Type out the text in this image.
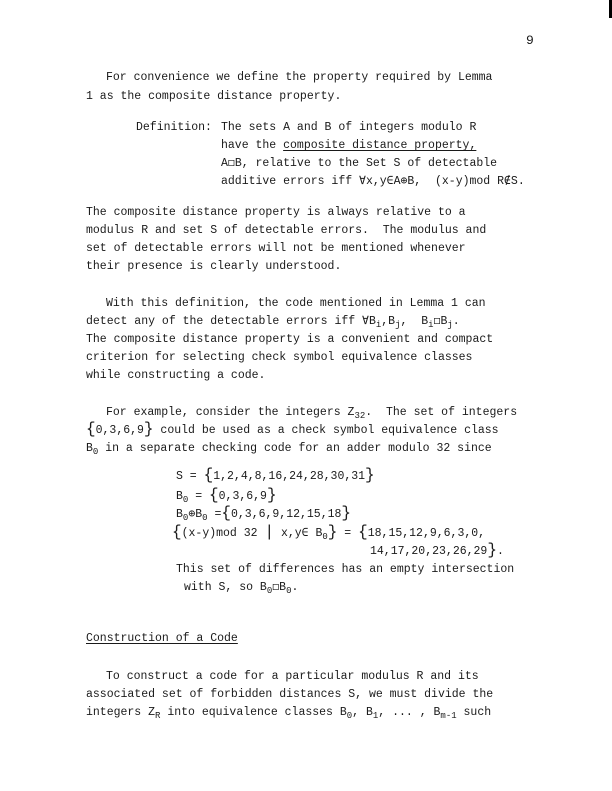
9
For convenience we define the property required by Lemma
1 as the composite distance property.
Definition: The sets A and B of integers modulo R
have the composite distance property,
A◻B, relative to the Set S of detectable
additive errors iff ∀x,y∈A⊕B,  (x-y)mod R∉S.
The composite distance property is always relative to a
modulus R and set S of detectable errors.  The modulus and
set of detectable errors will not be mentioned whenever
their presence is clearly understood.
With this definition, the code mentioned in Lemma 1 can
detect any of the detectable errors iff $\forall B_i,B_j$,  $B_i◻B_j$.
The composite distance property is a convenient and compact
criterion for selecting check symbol equivalence classes
while constructing a code.
For example, consider the integers $Z_{32}$.  The set of integers
{0,3,6,9} could be used as a check symbol equivalence class
$B_0$ in a separate checking code for an adder modulo 32 since
S = {1,2,4,8,16,24,28,30,31}
$B_0 = \{0,3,6,9\}$
$B_0\oplus B_0 =\{0,3,6,9,12,15,18\}$
{(x-y)mod 32 | x,y∈ $B_0\} = \{18,15,12,9,6,3,0$,
14,17,20,23,26,29}.
This set of differences has an empty intersection
with S, so $B_0◻B_0$.
Construction of a Code
To construct a code for a particular modulus R and its
associated set of forbidden distances S, we must divide the
integers $Z_R$ into equivalence classes $B_0$, $B_1$, ... , $B_{m-1}$ such
